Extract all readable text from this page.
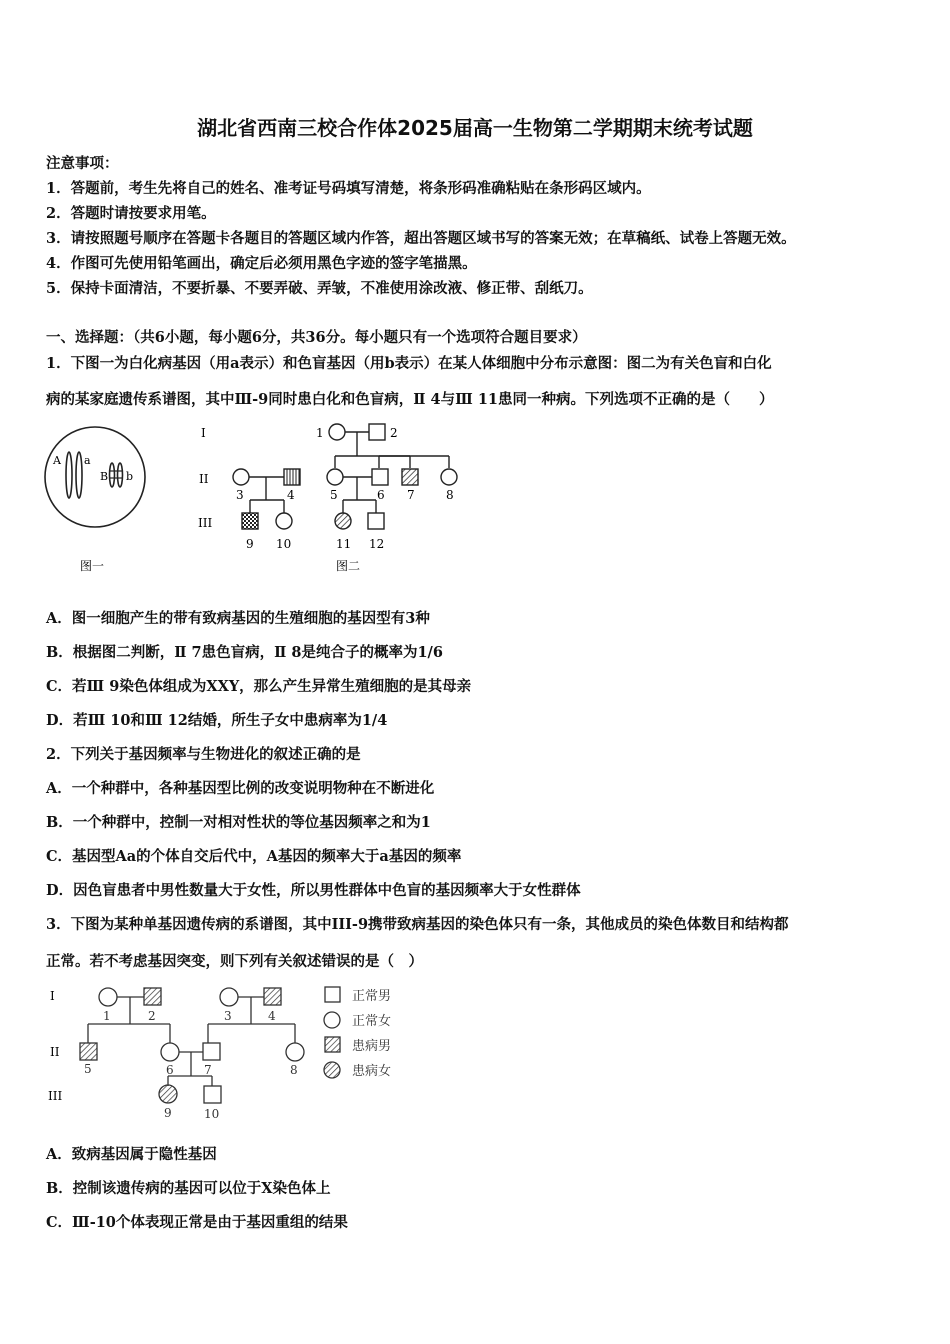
湖北省西南三校合作体2025届高一生物第二学期期末统考试题
注意事项：
1．答题前，考生先将自己的姓名、准考证号码填写清楚，将条形码准确粘贴在条形码区域内。
2．答题时请按要求用笔。
3．请按照题号顺序在答题卡各题目的答题区域内作答，超出答题区域书写的答案无效；在草稿纸、试卷上答题无效。
4．作图可先使用铅笔画出，确定后必须用黑色字迹的签字笔描黑。
5．保持卡面清洁，不要折暴、不要弄破、弄皱，不准使用涂改液、修正带、刮纸刀。
一、选择题：（共6小题，每小题6分，共36分。每小题只有一个选项符合题目要求）
1．下图一为白化病基因（用a表示）和色盲基因（用b表示）在某人体细胞中分布示意图：图二为有关色盲和白化
病的某家庭遗传系谱图，其中Ⅲ-9同时患白化和色盲病，Ⅱ 4与Ⅲ 11患同一种病。下列选项不正确的是（　　）
A a
B b
图一
I
II
III
1	2
3	4	5	6 7	8
9 10	11 12
图二
A．图一细胞产生的带有致病基因的生殖细胞的基因型有3种
B．根据图二判断，Ⅱ 7患色盲病，Ⅱ 8是纯合子的概率为1/6
C．若Ⅲ 9染色体组成为XXY，那么产生异常生殖细胞的是其母亲
D．若Ⅲ 10和Ⅲ 12结婚，所生子女中患病率为1/4
2．下列关于基因频率与生物进化的叙述正确的是
A．一个种群中，各种基因型比例的改变说明物种在不断进化
B．一个种群中，控制一对相对性状的等位基因频率之和为1
C．基因型Aa的个体自交后代中，A基因的频率大于a基因的频率
D．因色盲患者中男性数量大于女性，所以男性群体中色盲的基因频率大于女性群体
3．下图为某种单基因遗传病的系谱图，其中III-9携带致病基因的染色体只有一条，其他成员的染色体数目和结构都
正常。若不考虑基因突变，则下列有关叙述错误的是（　）
I
II
III
1	2	3	4
5	6	7	8
9	10
正常男
正常女
患病男
患病女
A．致病基因属于隐性基因
B．控制该遗传病的基因可以位于X染色体上
C．Ⅲ-10个体表现正常是由于基因重组的结果
